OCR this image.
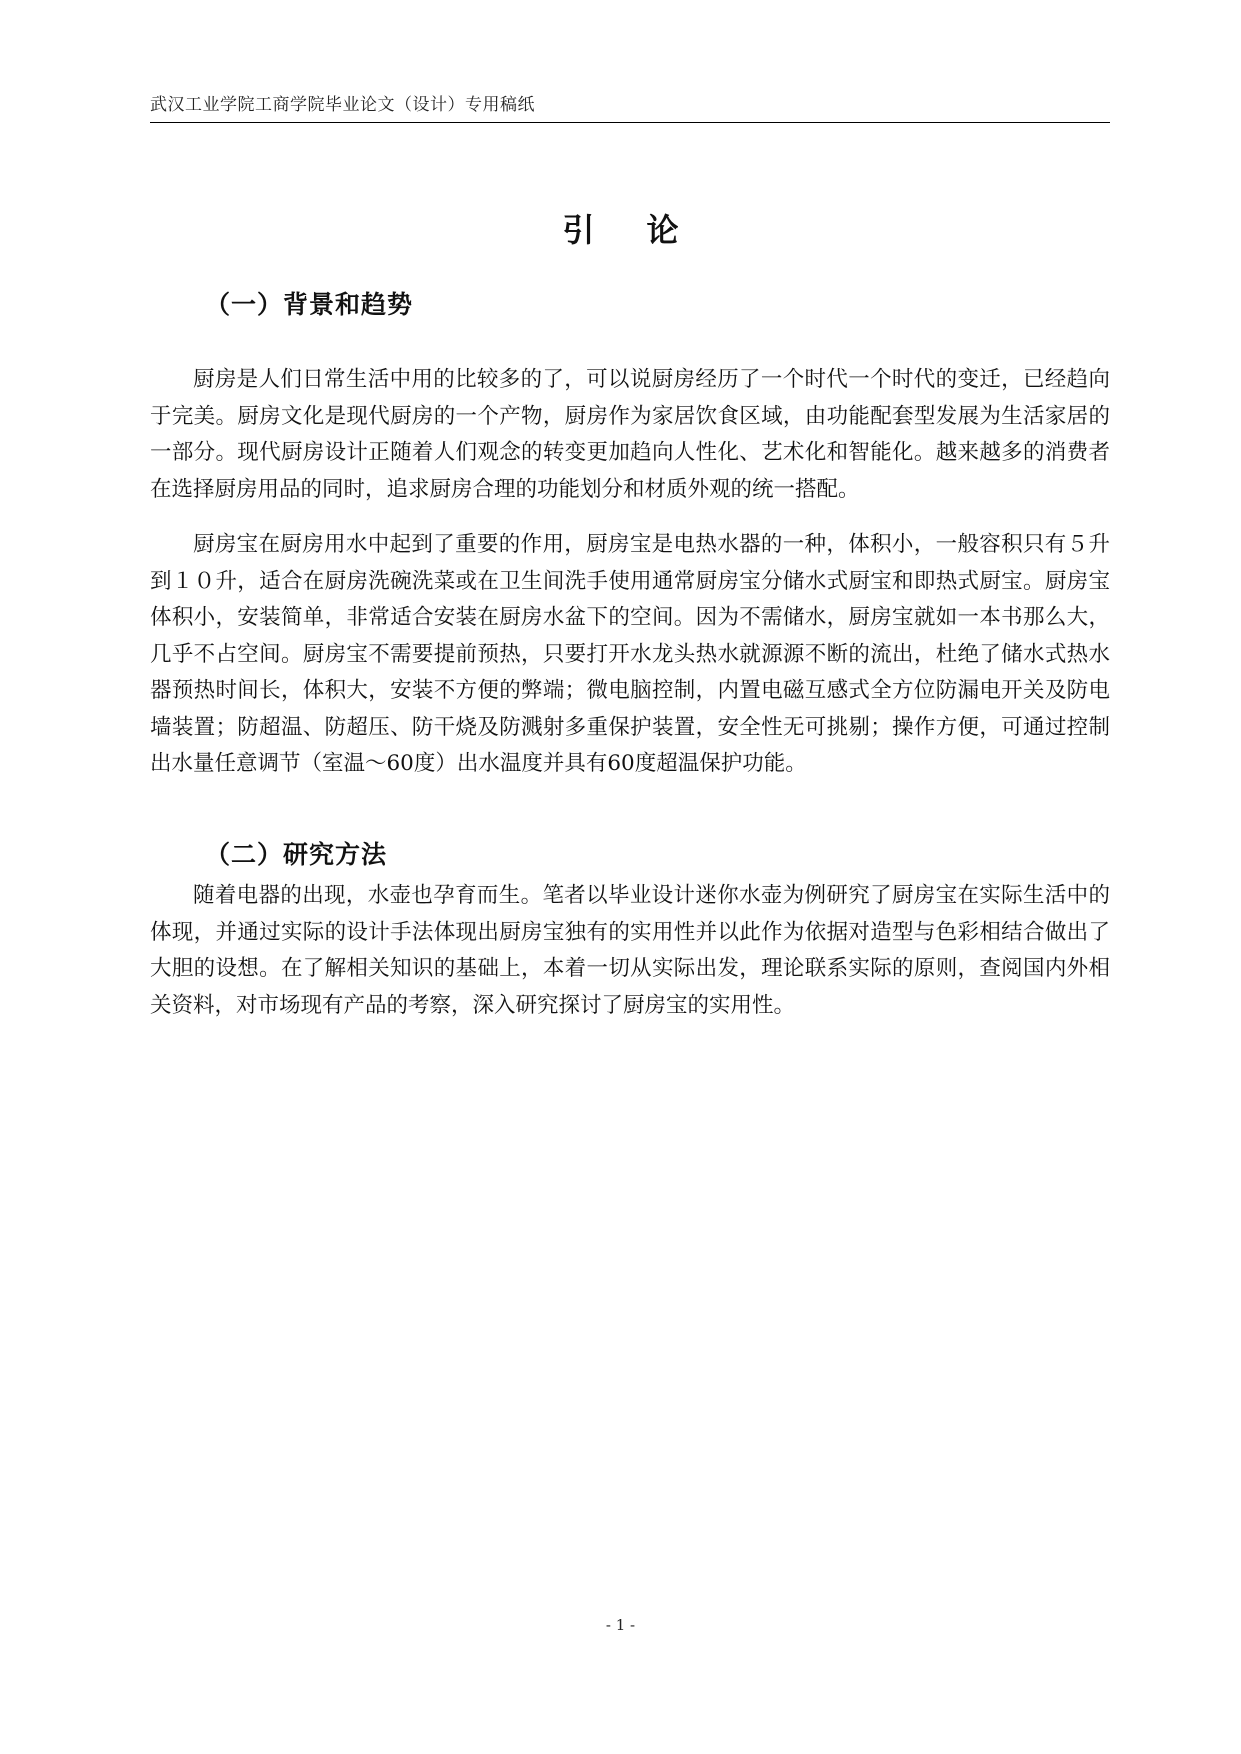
武汉工业学院工商学院毕业论文（设计）专用稿纸
引论
（一）背景和趋势

厨房是人们日常生活中用的比较多的了，可以说厨房经历了一个时代一个时代的变迁，已经趋向于完美。厨房文化是现代厨房的一个产物，厨房作为家居饮食区域，由功能配套型发展为生活家居的一部分。现代厨房设计正随着人们观念的转变更加趋向人性化、艺术化和智能化。越来越多的消费者在选择厨房用品的同时，追求厨房合理的功能划分和材质外观的统一搭配。

厨房宝在厨房用水中起到了重要的作用，厨房宝是电热水器的一种，体积小，一般容积只有５升到１０升，适合在厨房洗碗洗菜或在卫生间洗手使用通常厨房宝分储水式厨宝和即热式厨宝。厨房宝体积小，安装简单，非常适合安装在厨房水盆下的空间。因为不需储水，厨房宝就如一本书那么大，几乎不占空间。厨房宝不需要提前预热，只要打开水龙头热水就源源不断的流出，杜绝了储水式热水器预热时间长，体积大，安装不方便的弊端；微电脑控制，内置电磁互感式全方位防漏电开关及防电墙装置；防超温、防超压、防干烧及防溅射多重保护装置，安全性无可挑剔；操作方便，可通过控制出水量任意调节（室温～60度）出水温度并具有60度超温保护功能。

（二）研究方法

随着电器的出现，水壶也孕育而生。笔者以毕业设计迷你水壶为例研究了厨房宝在实际生活中的体现，并通过实际的设计手法体现出厨房宝独有的实用性并以此作为依据对造型与色彩相结合做出了大胆的设想。在了解相关知识的基础上，本着一切从实际出发，理论联系实际的原则，查阅国内外相关资料，对市场现有产品的考察，深入研究探讨了厨房宝的实用性。

- 1 -
